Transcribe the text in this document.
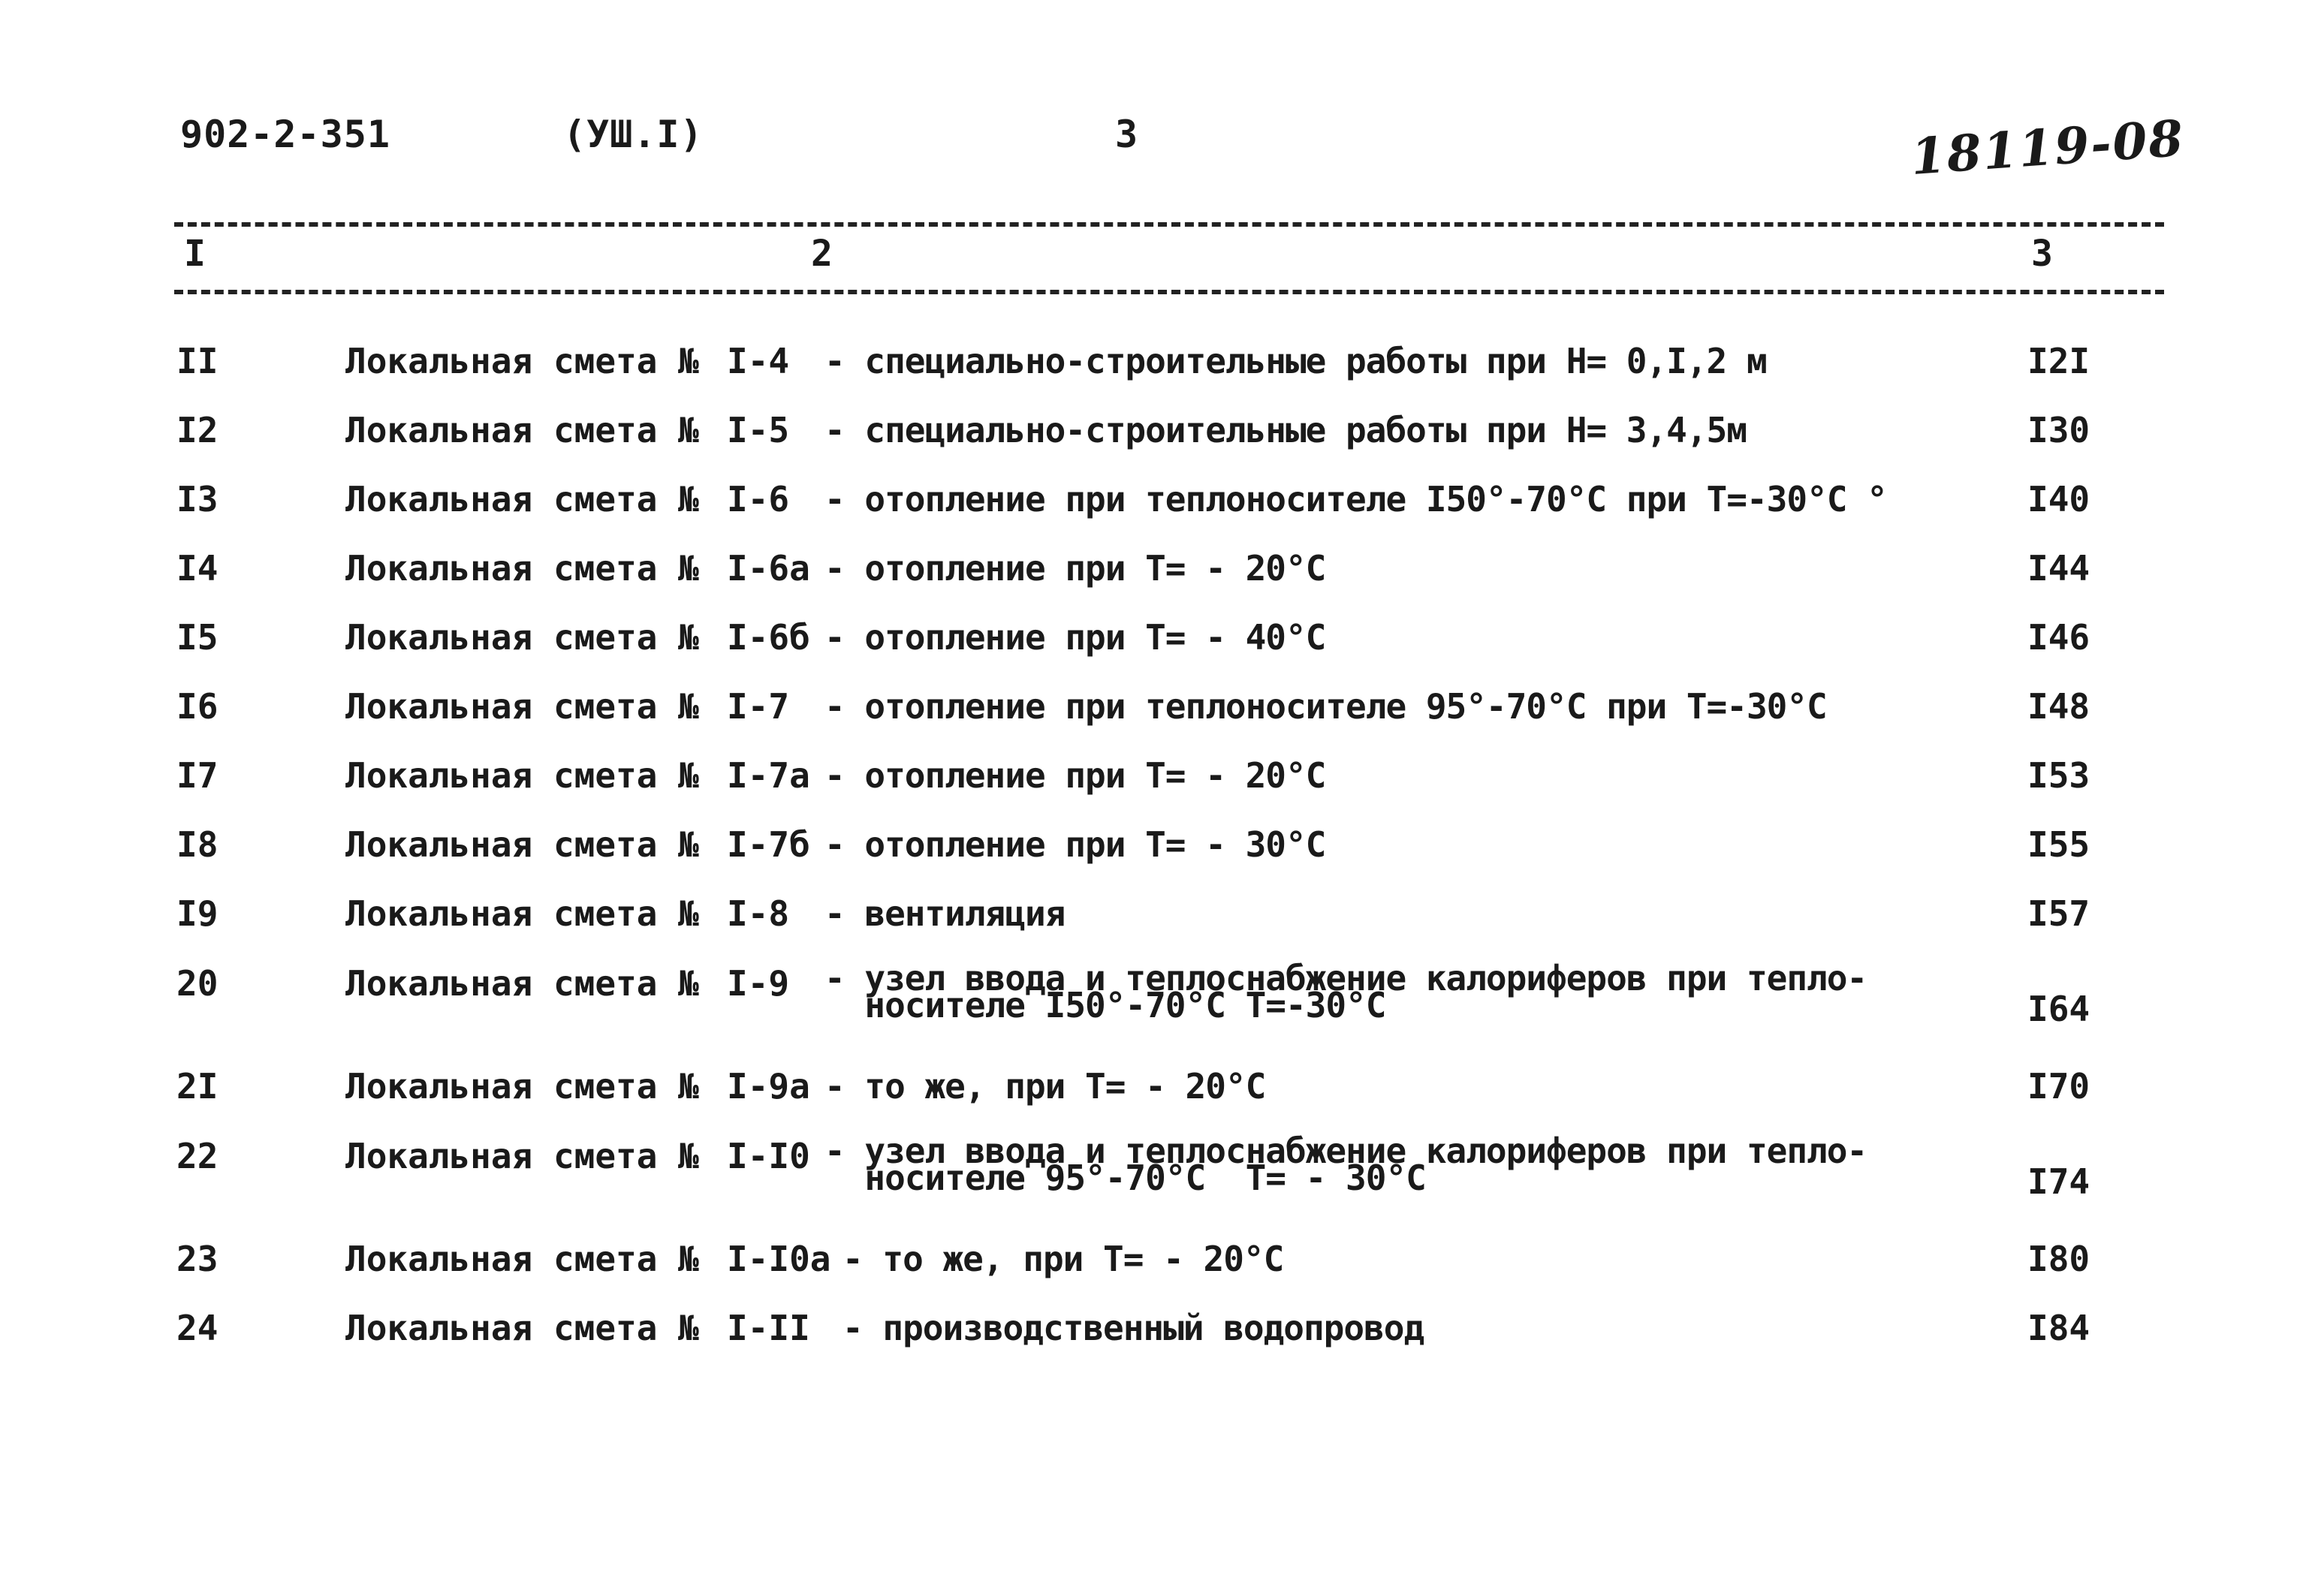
902-2-351	(УШ.I)	3	18119-08
I	2	3
II	Локальная смета № I-4 - специально-строительные работы при Н= 0,I,2 м	I2I
I2	Локальная смета № I-5 - специально-строительные работы при Н= 3,4,5м	I30
I3	Локальная смета № I-6 - отопление при теплоносителе I50°-70°С при Т=-30°С °	I40
I4	Локальная смета № I-6а - отопление при Т= - 20°С	I44
I5	Локальная смета № I-6б - отопление при Т= - 40°С	I46
I6	Локальная смета № I-7 - отопление при теплоносителе 95°-70°С при Т=-30°С	I48
I7	Локальная смета № I-7а - отопление при Т= - 20°С	I53
I8	Локальная смета № I-7б - отопление при Т= - 30°С	I55
I9	Локальная смета № I-8 - вентиляция	I57
20	Локальная смета № I-9 - узел ввода и теплоснабжение калориферов при тепло-
носителе I50°-70°С Т=-30°С	I64
2I	Локальная смета № I-9а - то же, при Т= - 20°С	I70
22	Локальная смета № I-I0 - узел ввода и теплоснабжение калориферов при тепло-
носителе 95°-70°С  Т= - 30°С	I74
23	Локальная смета № I-I0а - то же, при Т= - 20°С	I80
24	Локальная смета № I-II - производственный водопровод	I84
